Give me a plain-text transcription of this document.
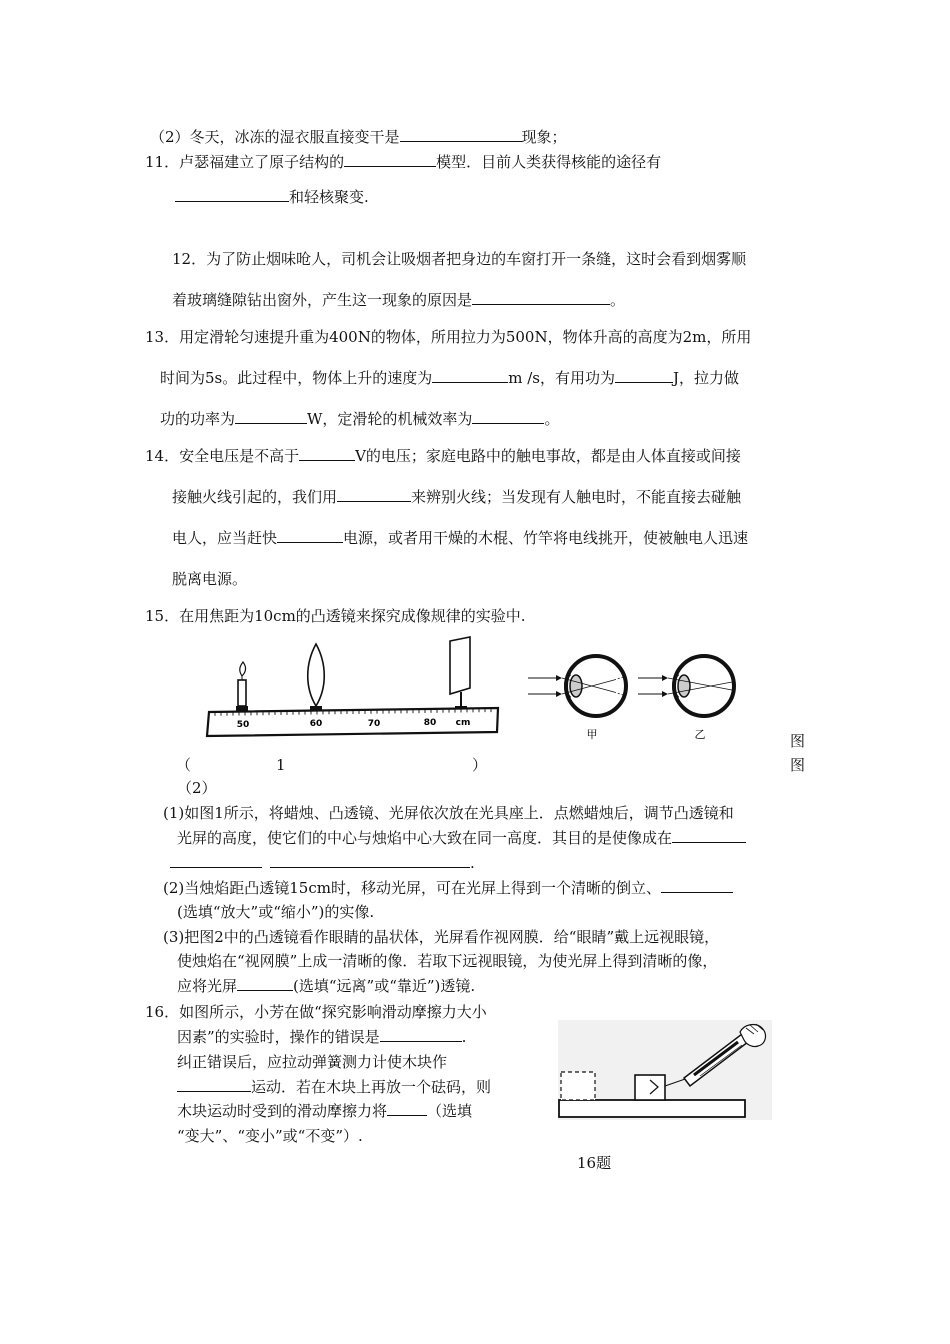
（2）冬天，冰冻的湿衣服直接变干是	现象；
11．卢瑟福建立了原子结构的	模型．目前人类获得核能的途径有
和轻核聚变.
12．为了防止烟味呛人，司机会让吸烟者把身边的车窗打开一条缝，这时会看到烟雾顺
着玻璃缝隙钻出窗外，产生这一现象的原因是	。
13．用定滑轮匀速提升重为400N的物体，所用拉力为500N，物体升高的高度为2m，所用
时间为5s。此过程中，物体上升的速度为	m /s，有用功为	J，拉力做
功的功率为	W，定滑轮的机械效率为	。
14．安全电压是不高于	V的电压；家庭电路中的触电事故，都是由人体直接或间接
接触火线引起的，我们用	来辨别火线；当发现有人触电时，不能直接去碰触
电人，应当赶快	电源，或者用干燥的木棍、竹竿将电线挑开，使被触电人迅速
脱离电源。
15．在用焦距为10cm的凸透镜来探究成像规律的实验中.
50	60	70	80 cm
甲	乙	图
（	1	）	图
（2）
(1)如图1所示，将蜡烛、凸透镜、光屏依次放在光具座上．点燃蜡烛后，调节凸透镜和
光屏的高度，使它们的中心与烛焰中心大致在同一高度．其目的是使像成在
.
(2)当烛焰距凸透镜15cm时，移动光屏，可在光屏上得到一个清晰的倒立、
(选填“放大”或“缩小”)的实像.
(3)把图2中的凸透镜看作眼睛的晶状体，光屏看作视网膜．给“眼睛”戴上远视眼镜，
使烛焰在“视网膜”上成一清晰的像．若取下远视眼镜，为使光屏上得到清晰的像，
应将光屏	(选填“远离”或“靠近”)透镜.
16．如图所示，小芳在做“探究影响滑动摩擦力大小
因素”的实验时，操作的错误是	.
纠正错误后，应拉动弹簧测力计使木块作
运动．若在木块上再放一个砝码，则
木块运动时受到的滑动摩擦力将	（选填
“变大”、“变小”或“不变”）.
16题
